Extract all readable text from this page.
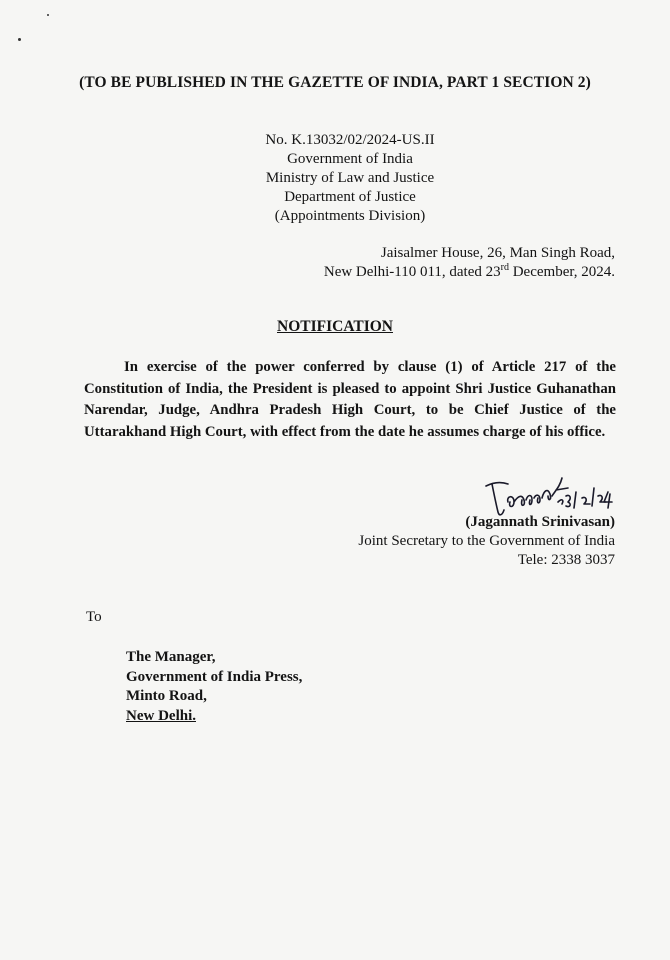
(TO BE PUBLISHED IN THE GAZETTE OF INDIA, PART 1 SECTION 2)
No. K.13032/02/2024-US.II
Government of India
Ministry of Law and Justice
Department of Justice
(Appointments Division)
Jaisalmer House, 26, Man Singh Road,
New Delhi-110 011, dated 23rd December, 2024.
NOTIFICATION
In exercise of the power conferred by clause (1) of Article 217 of the Constitution of India, the President is pleased to appoint Shri Justice Guhanathan Narendar, Judge, Andhra Pradesh High Court, to be Chief Justice of the Uttarakhand High Court, with effect from the date he assumes charge of his office.
(Jagannath Srinivasan)
Joint Secretary to the Government of India
Tele: 2338 3037
To
The Manager,
Government of India Press,
Minto Road,
New Delhi.
